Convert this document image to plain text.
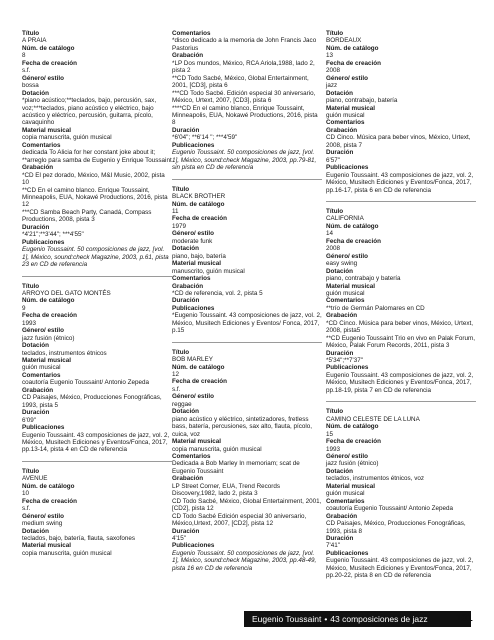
Título
A PRAIA
Núm. de catálogo
8
Fecha de creación
s.f.
Género/ estilo
bossa
Dotación
*piano acústico;**teclados, bajo, percusión, sax, voz;***teclados, piano acústico y eléctrico, bajo acústico y eléctrico, percusión, guitarra, pícolo, cavaquinho
Material musical
copia manuscrita, guión musical
Comentarios
dedicada To Alicia for her constant joke about it; **arreglo para samba de Eugenio y Enrique Toussaint
Grabación
*CD El pez dorado, México, M&I Music, 2002, pista 10
**CD En el camino blanco. Enrique Toussaint, Minneapolis, EUA, Nokawé Productions, 2016, pista 12
***CD Samba Beach Party, Canadá, Compass Productions, 2008, pista 3
Duración
*4'21";**3'44"; ***4'55"
Publicaciones
Eugenio Toussaint. 50 composiciones de jazz, [vol. 1], México, sound:check Magazine, 2003, p.61, pista 23 en CD de referencia
Título
ARROYO DEL GATO MONTÉS
Núm. de catálogo
9
Fecha de creación
1993
Género/ estilo
jazz fusión (étnico)
Dotación
teclados, instrumentos étnicos
Material musical
guión musical
Comentarios
coautoría Eugenio Toussaint/ Antonio Zepeda
Grabación
CD Paisajes, México, Producciones Fonográficas, 1993, pista 5
Duración
6'09"
Publicaciones
Eugenio Toussaint. 43 composiciones de jazz, vol. 2, México, Musitech Ediciones y Eventos/Fonca, 2017, pp.13-14, pista 4 en CD de referencia
Título
AVENUE
Núm. de catálogo
10
Fecha de creación
s.f.
Género/ estilo
medium swing
Dotación
teclados, bajo, batería, flauta, saxofones
Material musical
copia manuscrita, guión musical
Comentarios
*disco dedicado a la memoria de John Francis Jaco Pastorius
Grabación
*LP Dos mundos, México, RCA Ariola,1988, lado 2, pista 2
**CD Todo Sacbé, México, Global Entertainment, 2001, [CD3], pista 6
***CD Todo Sacbé. Edición especial 30 aniversario, México, Urtext, 2007, [CD3], pista 6
****CD En el camino blanco, Enrique Toussaint, Minneapolis, EUA, Nokawé Productions, 2016, pista 8
Duración
*6'04"; **6'14 "; ***4'59"
Publicaciones
Eugenio Toussaint. 50 composiciones de jazz, [vol. 1], México, sound:check Magazine, 2003, pp.79-81, sin pista en CD de referencia
Título
BLACK BROTHER
Núm. de catálogo
11
Fecha de creación
1979
Género/ estilo
moderate funk
Dotación
piano, bajo, batería
Material musical
manuscrito, guión musical
Comentarios
Grabación
*CD de referencia, vol. 2, pista 5
Duración
Publicaciones
*Eugenio Toussaint. 43 composiciones de jazz, vol. 2, México, Musitech Ediciones y Eventos/ Fonca, 2017, p.15
Título
BOB MARLEY
Núm. de catálogo
12
Fecha de creación
s.f.
Género/ estilo
reggae
Dotación
piano acústico y eléctrico, sintetizadores, fretless bass, batería, percusiones, sax alto, flauta, pícolo, cuica, voz
Material musical
copia manuscrita, guión musical
Comentarios
Dedicada a Bob Marley In memoriam; scat de Eugenio Toussaint
Grabación
LP Street Corner, EUA, Trend Records Discovery,1982, lado 2, pista 3
CD Todo Sacbé, México, Global Entertainment, 2001,[CD2], pista 12
CD Todo Sacbé Edición especial 30 aniversario, México,Urtext, 2007, [CD2], pista 12
Duración
4'15"
Publicaciones
Eugenio Toussaint. 50 composiciones de jazz, [vol. 1], México, sound:check Magazine, 2003, pp.48-49, pista 16 en CD de referencia
Título
BORDEAUX
Núm. de catálogo
13
Fecha de creación
2008
Género/ estilo
jazz
Dotación
piano, contrabajo, batería
Material musical
guión musical
Comentarios
Grabación
CD Cinco. Música para beber vinos, México, Urtext, 2008, pista 7
Duración
6'57"
Publicaciones
Eugenio Toussaint. 43 composiciones de jazz, vol. 2, México, Musitech Ediciones y Eventos/Fonca, 2017, pp.16-17, pista 6 en CD de referencia
Título
CALIFORNIA
Núm. de catálogo
14
Fecha de creación
2008
Género/ estilo
easy swing
Dotación
piano, contrabajo y batería
Material musical
guión musical
Comentarios
**trío de Germán Palomares en CD
Grabación
*CD Cinco. Música para beber vinos, México, Urtext, 2008, pista5
**CD Eugenio Toussaint Trio en vivo en Palak Forum, México, Palak Forum Records, 2011, pista 3
Duración
*5'34";**7'37"
Publicaciones
Eugenio Toussaint. 43 composiciones de jazz, vol. 2, México, Musitech Ediciones y Eventos/Fonca, 2017, pp.18-19, pista 7 en CD de referencia
Título
CAMINO CELESTE DE LA LUNA
Núm. de catálogo
15
Fecha de creación
1993
Género/ estilo
jazz fusión (étnico)
Dotación
teclados, instrumentos étnicos, voz
Material musical
guión musical
Comentarios
coautoría Eugenio Toussaint/ Antonio Zepeda
Grabación
CD Paisajes, México, Producciones Fonográficas, 1993, pista 8
Duración
7'41"
Publicaciones
Eugenio Toussaint. 43 composiciones de jazz, vol. 2, México, Musitech Ediciones y Eventos/Fonca, 2017, pp.20-22, pista 8 en CD de referencia
Eugenio Toussaint • 43 composiciones de jazz	101
